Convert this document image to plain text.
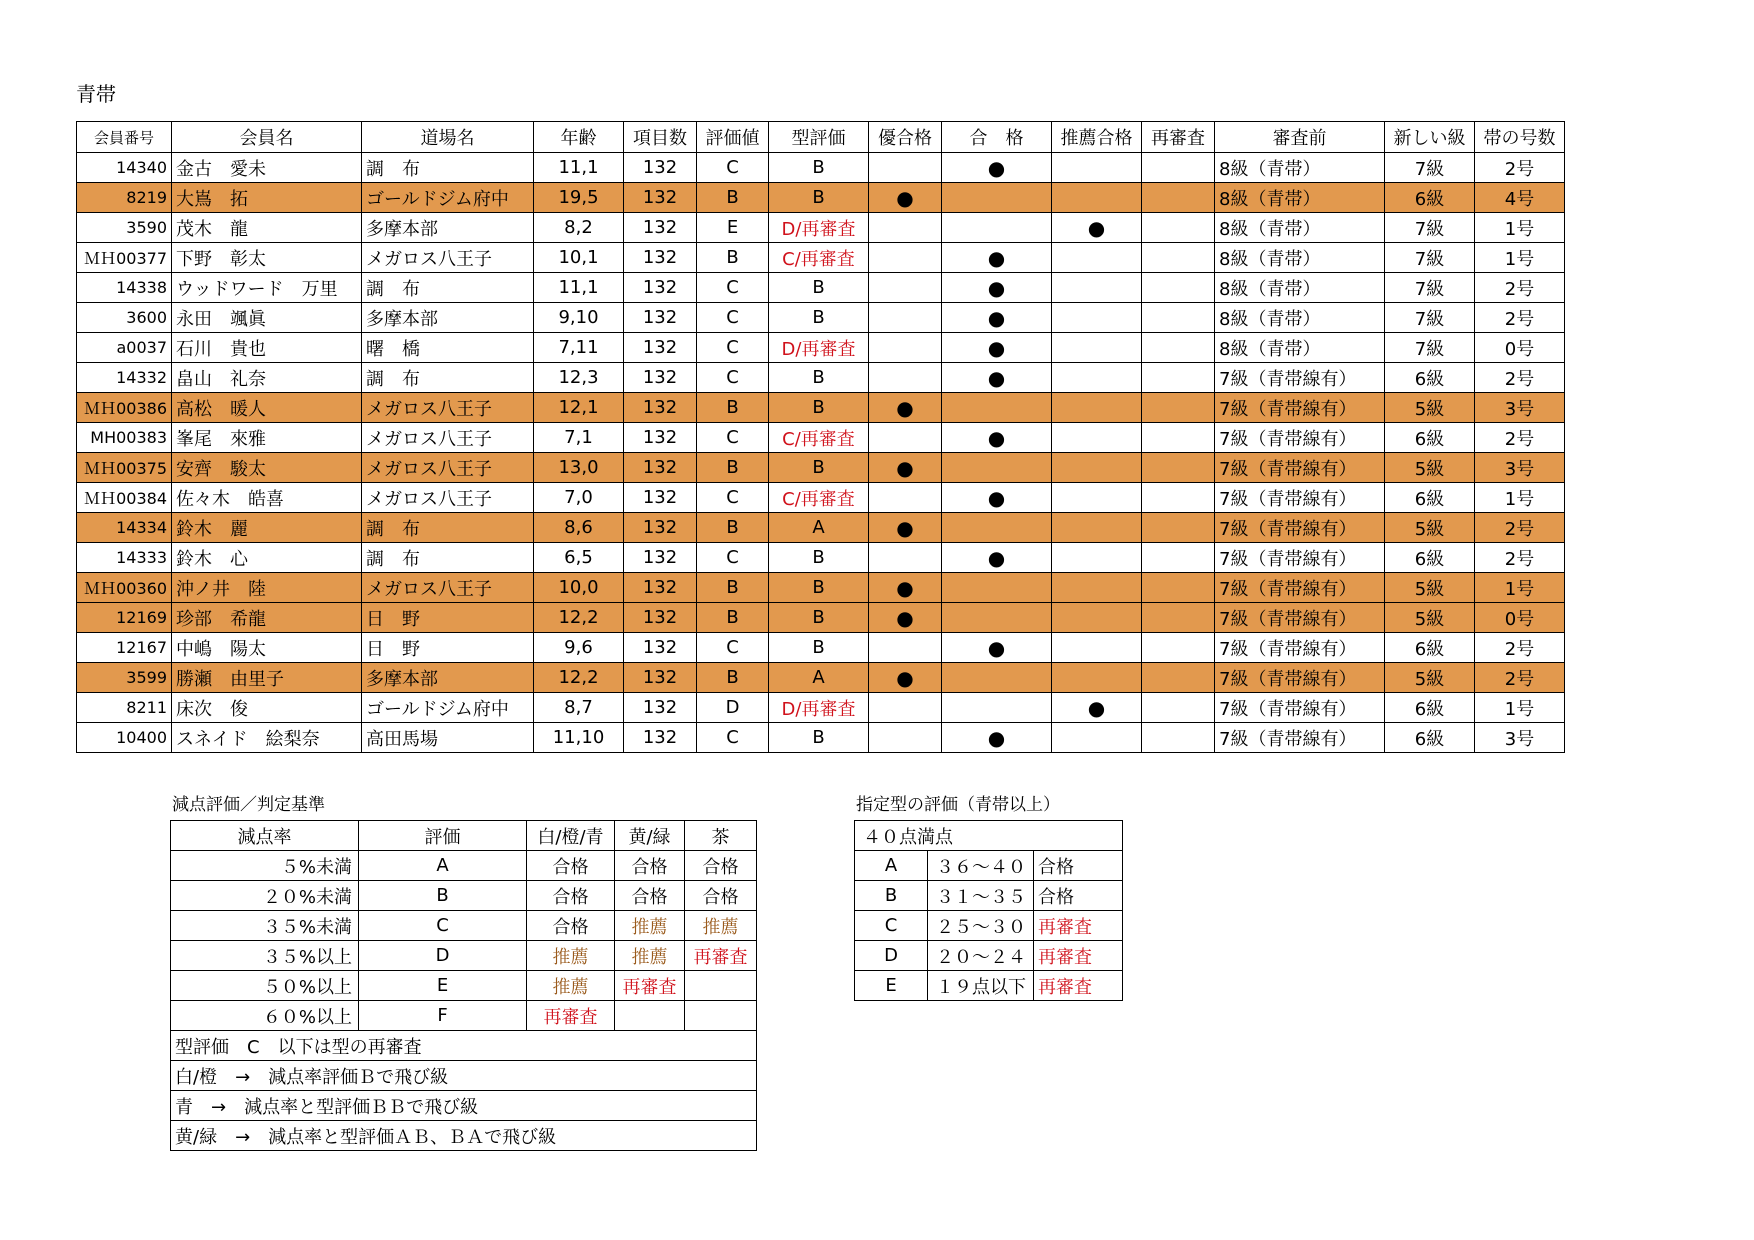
青帯
会員番号	会員名	道場名	年齢	項目数	評価値	型評価	優合格	合　格	推薦合格	再審査	審査前	新しい級	帯の号数
14340	金古　愛未	調　布	11,1	132	C	B		●			8級（青帯）	7級	2号
8219	大嶌　拓	ゴールドジム府中	19,5	132	B	B	●				8級（青帯）	6級	4号
3590	茂木　龍	多摩本部	8,2	132	E	D/再審査			●		8級（青帯）	7級	1号
ＭＨ00377	下野　彰太	メガロス八王子	10,1	132	B	C/再審査		●			8級（青帯）	7級	1号
14338	ウッドワード　万里	調　布	11,1	132	C	B		●			8級（青帯）	7級	2号
3600	永田　颯眞	多摩本部	9,10	132	C	B		●			8級（青帯）	7級	2号
a0037	石川　貴也	曙　橋	7,11	132	C	D/再審査		●			8級（青帯）	7級	0号
14332	畠山　礼奈	調　布	12,3	132	C	B		●			7級（青帯線有）	6級	2号
ＭＨ00386	高松　暖人	メガロス八王子	12,1	132	B	B	●				7級（青帯線有）	5級	3号
MH00383	峯尾　來雅	メガロス八王子	7,1	132	C	C/再審査		●			7級（青帯線有）	6級	2号
ＭＨ00375	安齊　駿太	メガロス八王子	13,0	132	B	B	●				7級（青帯線有）	5級	3号
ＭＨ00384	佐々木　皓喜	メガロス八王子	7,0	132	C	C/再審査		●			7級（青帯線有）	6級	1号
14334	鈴木　麗	調　布	8,6	132	B	A	●				7級（青帯線有）	5級	2号
14333	鈴木　心	調　布	6,5	132	C	B		●			7級（青帯線有）	6級	2号
ＭＨ00360	沖ノ井　陸	メガロス八王子	10,0	132	B	B	●				7級（青帯線有）	5級	1号
12169	珍部　希龍	日　野	12,2	132	B	B	●				7級（青帯線有）	5級	0号
12167	中嶋　陽太	日　野	9,6	132	C	B		●			7級（青帯線有）	6級	2号
3599	勝瀬　由里子	多摩本部	12,2	132	B	A	●				7級（青帯線有）	5級	2号
8211	床次　俊	ゴールドジム府中	8,7	132	D	D/再審査			●		7級（青帯線有）	6級	1号
10400	スネイド　絵梨奈	高田馬場	11,10	132	C	B		●			7級（青帯線有）	6級	3号
減点評価／判定基準
減点率	評価	白/橙/青	黄/緑	茶
５%未満	A	合格	合格	合格
２０%未満	B	合格	合格	合格
３５%未満	C	合格	推薦	推薦
３５%以上	D	推薦	推薦	再審査
５０%以上	E	推薦	再審査	
６０%以上	F	再審査		
型評価　C　以下は型の再審査				
白/橙　→　減点率評価Ｂで飛び級				
青　→　減点率と型評価ＢＢで飛び級				
黄/緑　→　減点率と型評価ＡＢ、ＢＡで飛び級				
指定型の評価（青帯以上）
４０点満点		
A	３６〜４０	合格
B	３１〜３５	合格
C	２５〜３０	再審査
D	２０〜２４	再審査
E	１９点以下	再審査
